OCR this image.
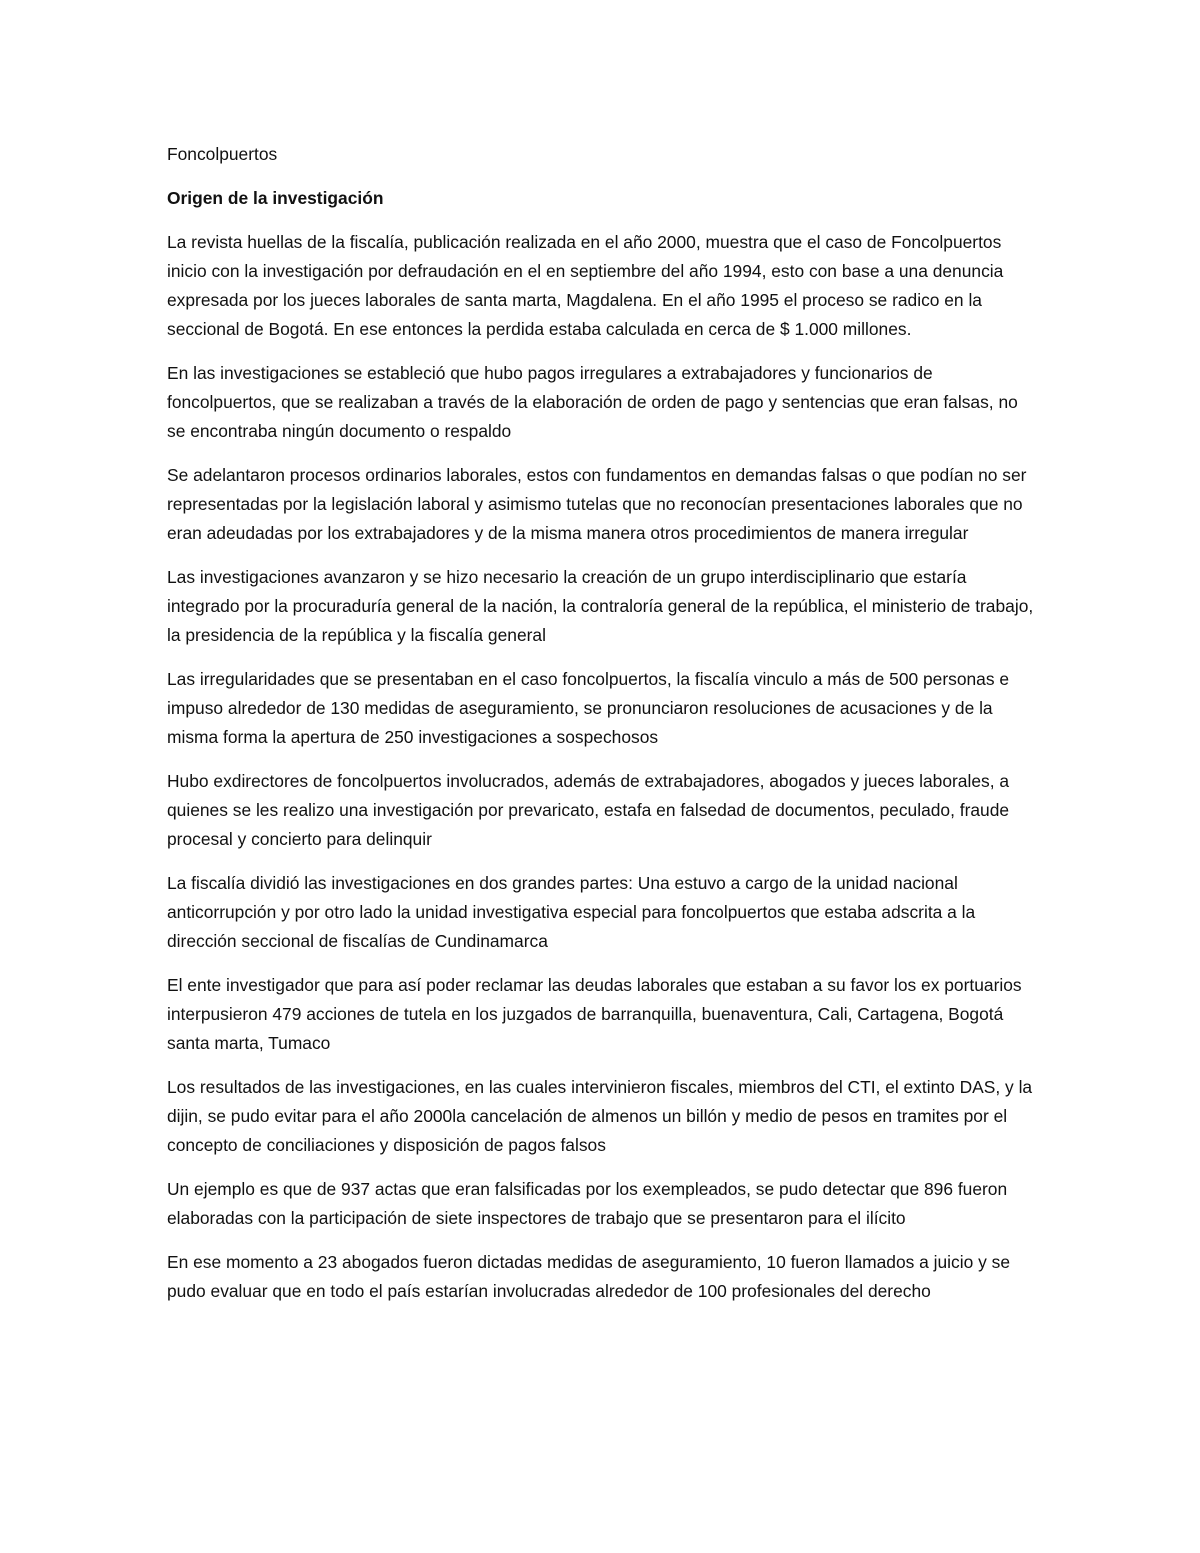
Foncolpuertos

Origen de la investigación

La revista huellas de la fiscalía, publicación realizada en el año 2000, muestra que el caso de Foncolpuertos inicio con la investigación por defraudación en el en septiembre del año 1994, esto con base a una denuncia expresada por los jueces laborales de santa marta, Magdalena. En el año 1995 el proceso se radico en la seccional de Bogotá. En ese entonces la perdida estaba calculada en cerca de $ 1.000 millones.

En las investigaciones se estableció que hubo pagos irregulares a extrabajadores y funcionarios de foncolpuertos, que se realizaban a través de la elaboración de orden de pago y sentencias que eran falsas, no se encontraba ningún documento o respaldo

Se adelantaron procesos ordinarios laborales, estos con fundamentos en demandas falsas o que podían no ser representadas por la legislación laboral y asimismo tutelas que no reconocían presentaciones laborales que no eran adeudadas por los extrabajadores y de la misma manera otros procedimientos de manera irregular

Las investigaciones avanzaron y se hizo necesario la creación de un grupo interdisciplinario que estaría integrado por la procuraduría general de la nación, la contraloría general de la república, el ministerio de trabajo, la presidencia de la república y la fiscalía general

Las irregularidades que se presentaban en el caso foncolpuertos, la fiscalía vinculo a más de 500 personas e impuso alrededor de 130 medidas de aseguramiento, se pronunciaron resoluciones de acusaciones y de la misma forma la apertura de 250 investigaciones a sospechosos

Hubo exdirectores de foncolpuertos involucrados, además de extrabajadores, abogados y jueces laborales, a quienes se les realizo una investigación por prevaricato, estafa en falsedad de documentos, peculado, fraude procesal y concierto para delinquir

La fiscalía dividió las investigaciones en dos grandes partes: Una estuvo a cargo de la unidad nacional anticorrupción y por otro lado la unidad investigativa especial para foncolpuertos que estaba adscrita a la dirección seccional de fiscalías de Cundinamarca

El ente investigador que para así poder reclamar las deudas laborales que estaban a su favor los ex portuarios interpusieron 479 acciones de tutela en los juzgados de barranquilla, buenaventura, Cali, Cartagena, Bogotá santa marta, Tumaco

Los resultados de las investigaciones, en las cuales intervinieron fiscales, miembros del CTI, el extinto DAS, y la dijin, se pudo evitar para el año 2000la cancelación de almenos un billón y medio de pesos en tramites por el concepto de conciliaciones y disposición de pagos falsos

Un ejemplo es que de 937 actas que eran falsificadas por los exempleados, se pudo detectar que 896 fueron elaboradas con la participación de siete inspectores de trabajo que se presentaron para el ilícito

En ese momento a 23 abogados fueron dictadas medidas de aseguramiento, 10 fueron llamados a juicio y se pudo evaluar que en todo el país estarían involucradas alrededor de 100 profesionales del derecho
